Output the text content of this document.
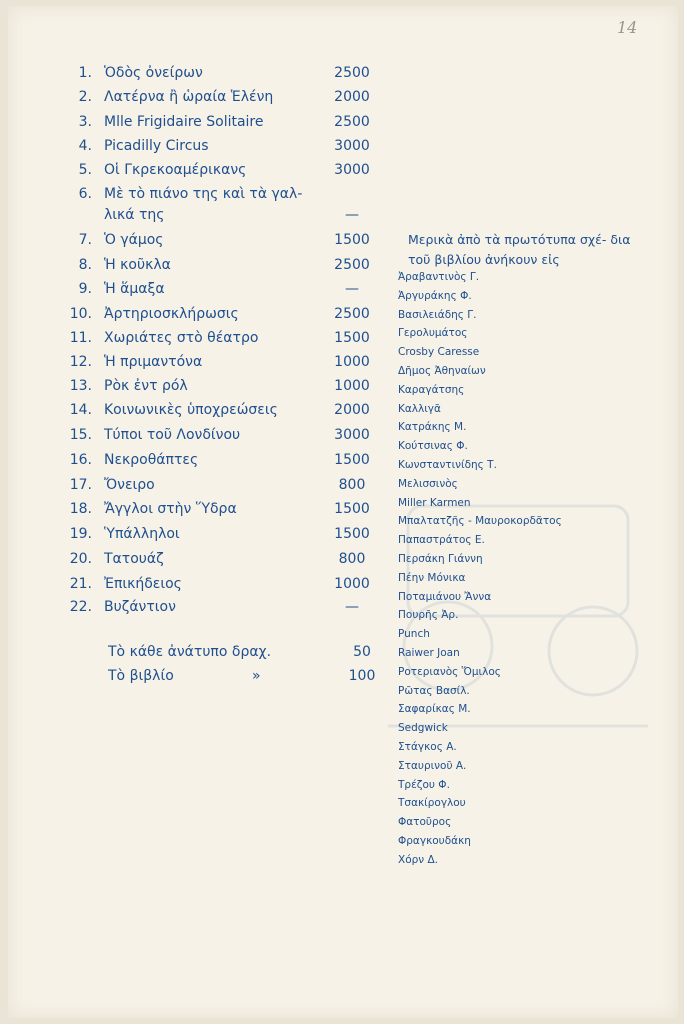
14
1. Ὁδὸς ὀνείρων	2500
2. Λατέρνα ἢ ὡραία Ἑλένη	2000
3. Mlle Frigidaire Solitaire	2500
4. Picadilly Circus	3000
5. Οἱ Γκρεκοαμέρικανς	3000
6. Μὲ τὸ πιάνο της καὶ τὰ γαλ-
λικά της	—
7. Ὁ γάμος	1500
8. Ἡ κοῦκλα	2500
9. Ἡ ἅμαξα	—
10. Ἀρτηριοσκλήρωσις	2500
11. Χωριάτες στὸ θέατρο	1500
12. Ἡ πριμαντόνα	1000
13. Ρὸκ ἐντ ρόλ	1000
14. Κοινωνικὲς ὑποχρεώσεις	2000
15. Τύποι τοῦ Λονδίνου	3000
16. Νεκροθάπτες	1500
17. Ὄνειρο	800
18. Ἄγγλοι στὴν Ὕδρα	1500
19. Ὑπάλληλοι	1500
20. Τατουάζ	800
21. Ἐπικήδειος	1000
22. Βυζάντιον	—
Τὸ κάθε ἀνάτυπο δραχ.	50
Τὸ βιβλίο	»	100
Μερικὰ ἀπὸ τὰ πρωτότυπα σχέ- δια τοῦ βιβλίου ἀνήκουν εἰς
Ἀραβαντινὸς Γ.
Ἀργυράκης Φ.
Βασιλειάδης Γ.
Γερολυμάτος
Crosby Caresse
Δῆμος Ἀθηναίων
Καραγάτσης
Καλλιγᾶ
Κατράκης Μ.
Κούτσινας Φ.
Κωνσταντινίδης Τ.
Μελισσινὸς
Miller Karmen
Μπαλτατζῆς - Μαυροκορδᾶτος
Παπαστράτος Ε.
Περσάκη Γιάννη
Πέην Μόνικα
Ποταμιάνου Ἄννα
Πουρῆς Ἀρ.
Punch
Raiwer Joan
Ροτεριανὸς Ὅμιλος
Ρῶτας Βασίλ.
Σαφαρίκας Μ.
Sedgwick
Στάγκος Α.
Σταυρινοῦ Α.
Τρέζου Φ.
Τσακίρογλου
Φατοῦρος
Φραγκουδάκη
Χόρν Δ.
